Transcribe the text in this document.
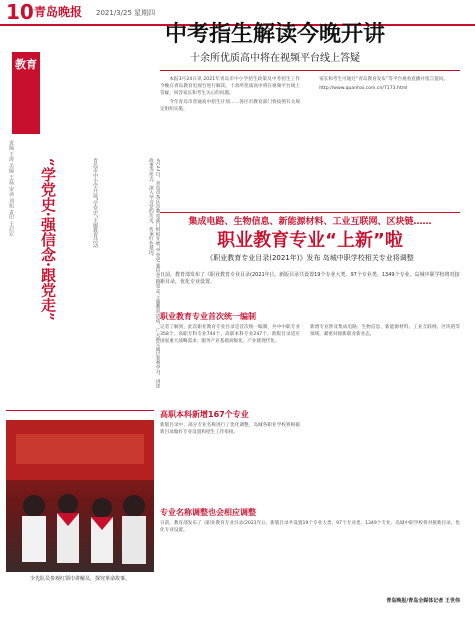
10 青岛晚报 2021/3/25 星期四
教育
周刊
责编 王涛 美编 王磊 审读 刘旭 责印 王启宏
中考指生解读今晚开讲
十余所优质高中将在视频平台线上答疑

本报3月24日讯 2021年青岛市中小学招生政策及中考招生工作今晚在青岛教育电视台进行解读。十余所优质高中将在视频平台线上答疑，回答家长和考生关心的问题。

今年青岛市普通高中招生计划……各区市教育部门将按照有关规定组织实施。

家长和考生可通过“青岛教育发布”等平台观看直播并留言提问。

http://www.quanhai.com.cn/7173.html

“学党史·强信念·跟党走”	青岛市中小学开展“学党史”主题教育活动	3月23日，青岛市各区市教育部门组织开展“学党史·强信念·跟党走”主题教育活动，广大师生通过参观学习、讲述故事等形式，深入学习党的历史，传承红色基因。
少先队员参观红领巾讲解员，探究革命故事。
集成电路、生物信息、新能源材料、工业互联网、区块链……
职业教育专业“上新”啦
《职业教育专业目录(2021年)》发布 岛城中职学校相关专业将调整
日前，教育部发布了《职业教育专业目录(2021年)》。新版目录共设置19个专业大类、97个专业类、1349个专业。岛城中职学校将对接新目录，优化专业设置。
职业教育专业首次统一编制
记者了解到，此次职业教育专业目录是首次统一编制，共中中职专业358个、高职专科专业744个、高职本科专业247个。新版目录适应国家重大战略需求，服务产业基础高级化、产业链现代化。
新增专业涉及集成电路、生物信息、新能源材料、工业互联网、区块链等领域，紧密对接新职业新业态。
高职本科新增167个专业
新版目录中，部分专业名称进行了优化调整，岛城各职业学校将根据新目录做好专业设置和招生工作衔接。
专业名称调整也会相应调整
日前，教育部发布了《职业教育专业目录(2021年)》。新版目录共设置19个专业大类、97个专业类、1349个专业。岛城中职学校将对接新目录，优化专业设置。
青岛晚报/青岛全媒体记者 王世伟
